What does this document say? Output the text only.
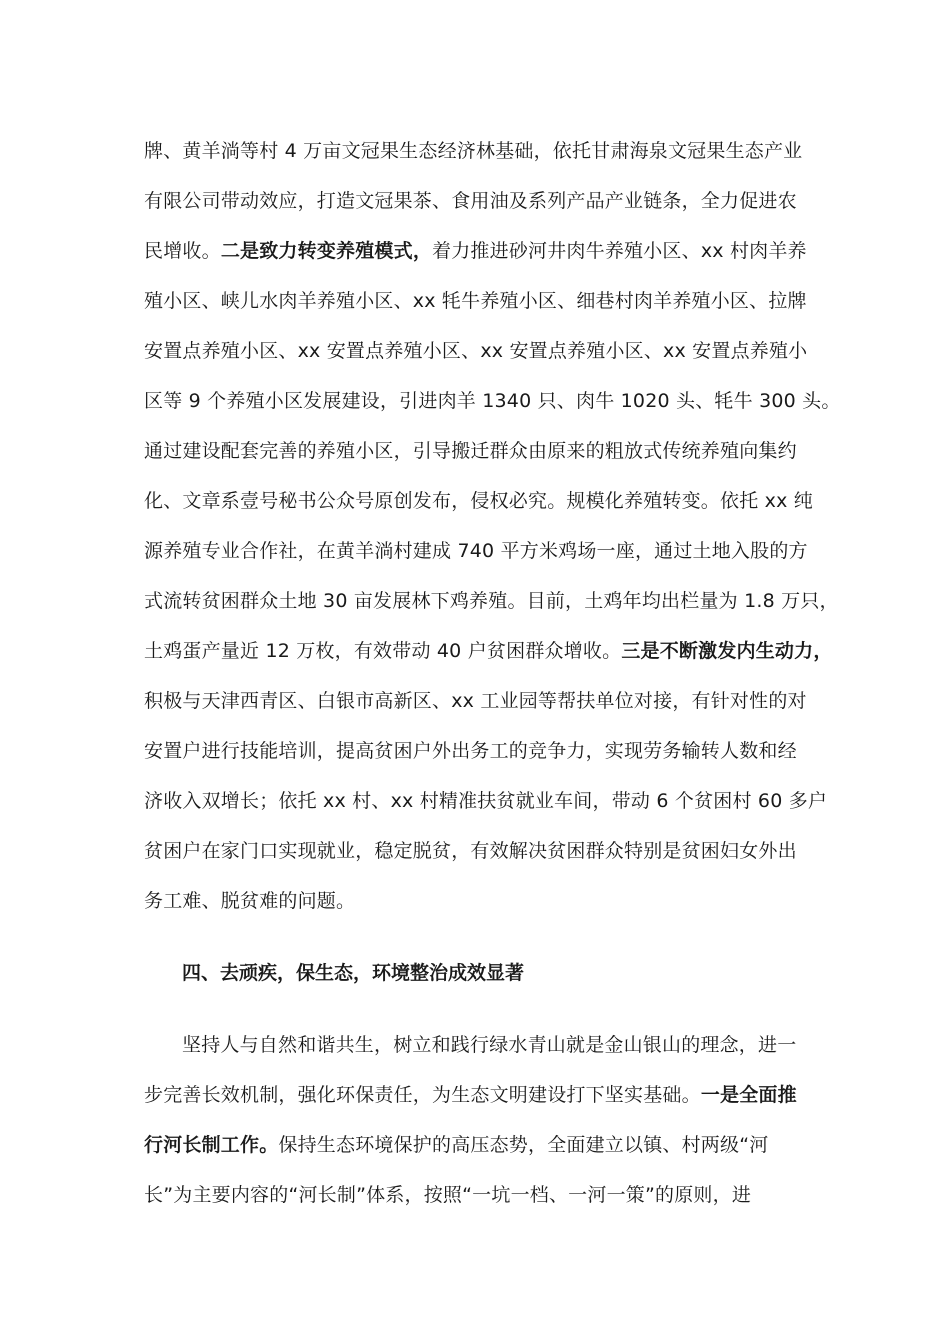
牌、黄羊淌等村 4 万亩文冠果生态经济林基础，依托甘肃海泉文冠果生态产业
有限公司带动效应，打造文冠果茶、食用油及系列产品产业链条，全力促进农
民增收。二是致力转变养殖模式，着力推进砂河井肉牛养殖小区、xx 村肉羊养
殖小区、峡儿水肉羊养殖小区、xx 牦牛养殖小区、细巷村肉羊养殖小区、拉牌
安置点养殖小区、xx 安置点养殖小区、xx 安置点养殖小区、xx 安置点养殖小
区等 9 个养殖小区发展建设，引进肉羊 1340 只、肉牛 1020 头、牦牛 300 头。
通过建设配套完善的养殖小区，引导搬迁群众由原来的粗放式传统养殖向集约
化、文章系壹号秘书公众号原创发布，侵权必究。规模化养殖转变。依托 xx 纯
源养殖专业合作社，在黄羊淌村建成 740 平方米鸡场一座，通过土地入股的方
式流转贫困群众土地 30 亩发展林下鸡养殖。目前，土鸡年均出栏量为 1.8 万只，
土鸡蛋产量近 12 万枚，有效带动 40 户贫困群众增收。三是不断激发内生动力，
积极与天津西青区、白银市高新区、xx 工业园等帮扶单位对接，有针对性的对
安置户进行技能培训，提高贫困户外出务工的竞争力，实现劳务输转人数和经
济收入双增长；依托 xx 村、xx 村精准扶贫就业车间，带动 6 个贫困村 60 多户
贫困户在家门口实现就业，稳定脱贫，有效解决贫困群众特别是贫困妇女外出
务工难、脱贫难的问题。
四、去顽疾，保生态，环境整治成效显著
坚持人与自然和谐共生，树立和践行绿水青山就是金山银山的理念，进一
步完善长效机制，强化环保责任，为生态文明建设打下坚实基础。一是全面推
行河长制工作。保持生态环境保护的高压态势，全面建立以镇、村两级“河
长”为主要内容的“河长制”体系，按照“一坑一档、一河一策”的原则，进
